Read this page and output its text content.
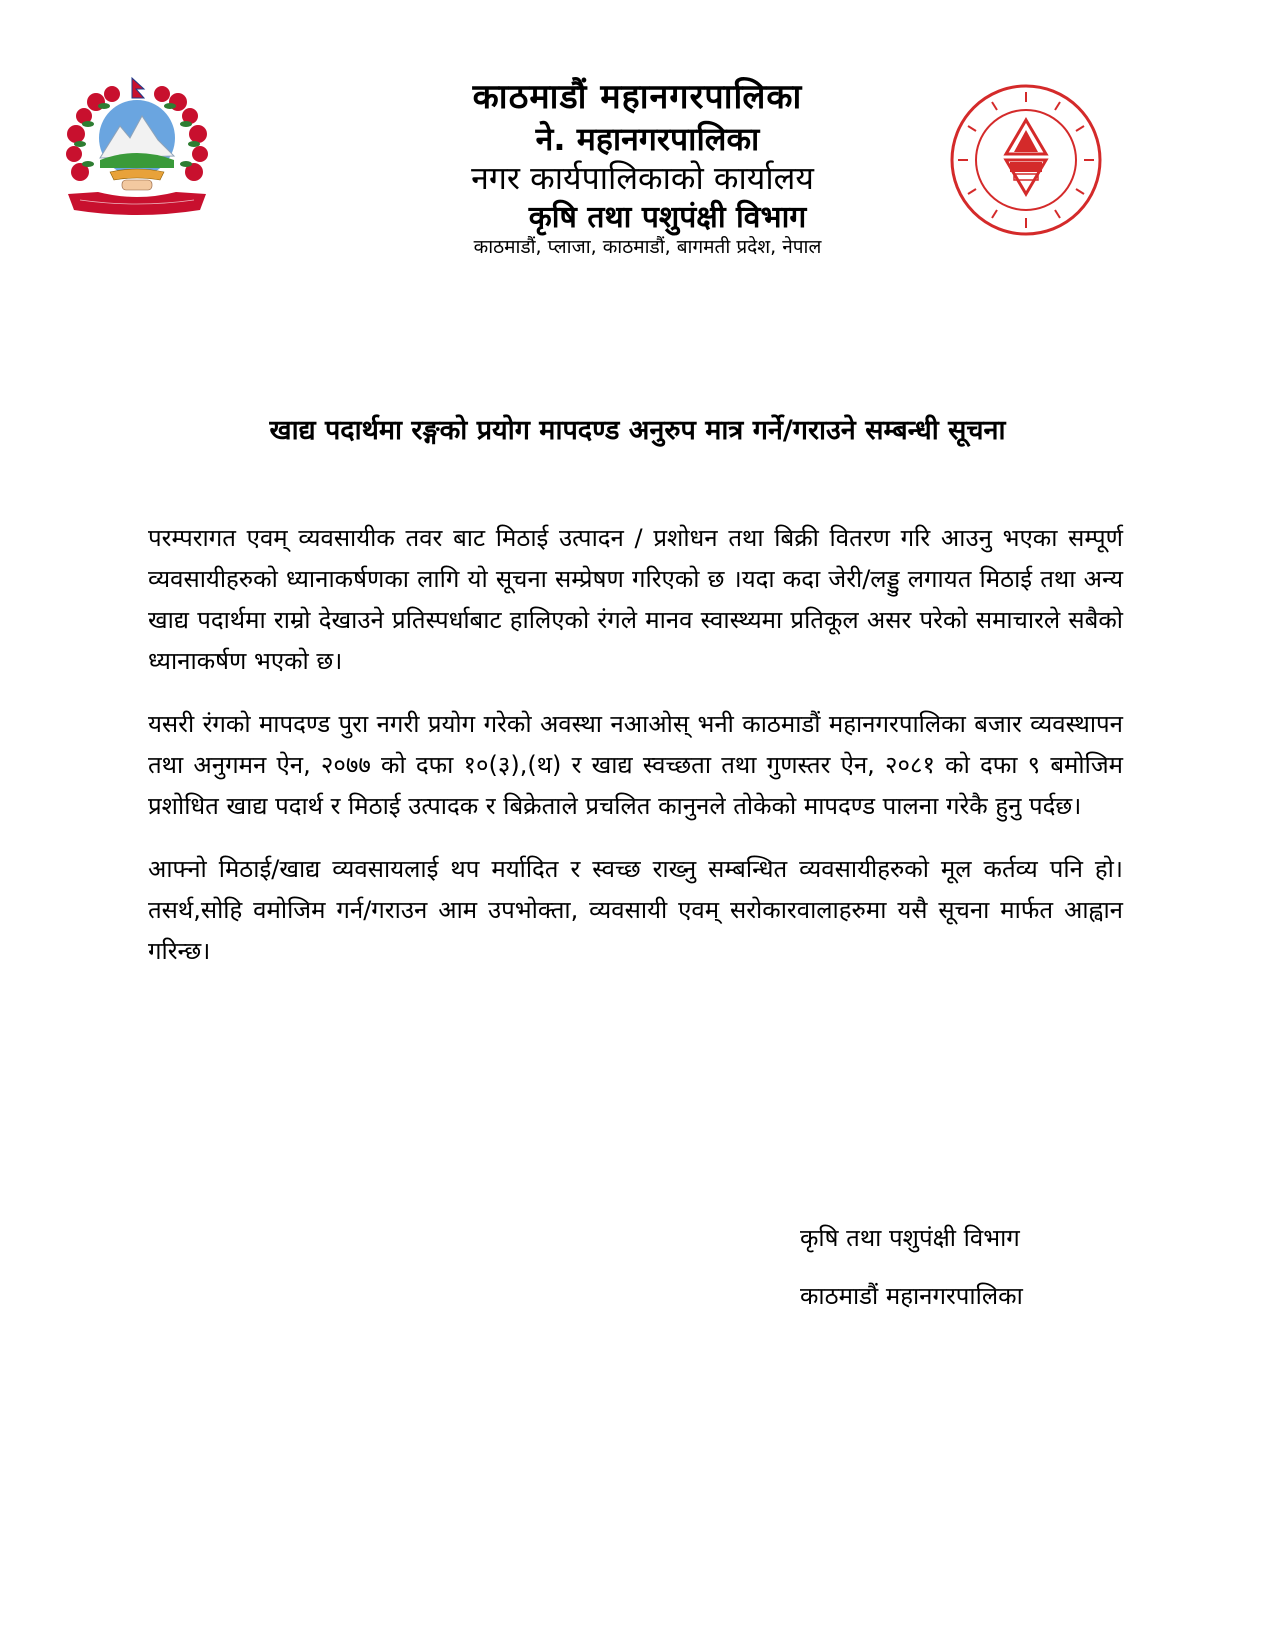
काठमाडौं महानगरपालिका
ने. महानगरपालिका
नगर कार्यपालिकाको कार्यालय
कृषि तथा पशुपंक्षी विभाग
काठमाडौं, प्लाजा, काठमाडौं, बागमती प्रदेश, नेपाल
खाद्य पदार्थमा रङ्गको प्रयोग मापदण्ड अनुरुप मात्र गर्ने/गराउने सम्बन्धी सूचना

परम्परागत एवम् व्यवसायीक तवर बाट मिठाई उत्पादन / प्रशोधन तथा बिक्री वितरण गरि आउनु भएका सम्पूर्ण व्यवसायीहरुको ध्यानाकर्षणका लागि यो सूचना सम्प्रेषण गरिएको छ ।यदा कदा जेरी/लड्डु लगायत मिठाई तथा अन्य खाद्य पदार्थमा राम्रो देखाउने प्रतिस्पर्धाबाट हालिएको रंगले मानव स्वास्थ्यमा प्रतिकूल असर परेको समाचारले सबैको ध्यानाकर्षण भएको छ।

यसरी रंगको मापदण्ड पुरा नगरी प्रयोग गरेको अवस्था नआओस् भनी काठमाडौं महानगरपालिका बजार व्यवस्थापन तथा अनुगमन ऐन, २०७७ को दफा १०(३),(थ) र खाद्य स्वच्छता तथा गुणस्तर ऐन, २०८१ को दफा ९ बमोजिम प्रशोधित खाद्य पदार्थ र मिठाई उत्पादक र बिक्रेताले प्रचलित कानुनले तोकेको मापदण्ड पालना गरेकै हुनु पर्दछ।

आफ्नो मिठाई/खाद्य व्यवसायलाई थप मर्यादित र स्वच्छ राख्नु सम्बन्धित व्यवसायीहरुको मूल कर्तव्य पनि हो।तसर्थ,सोहि वमोजिम गर्न/गराउन आम उपभोक्ता, व्यवसायी एवम् सरोकारवालाहरुमा यसै सूचना मार्फत आह्वान गरिन्छ।

कृषि तथा पशुपंक्षी विभाग
काठमाडौं महानगरपालिका
